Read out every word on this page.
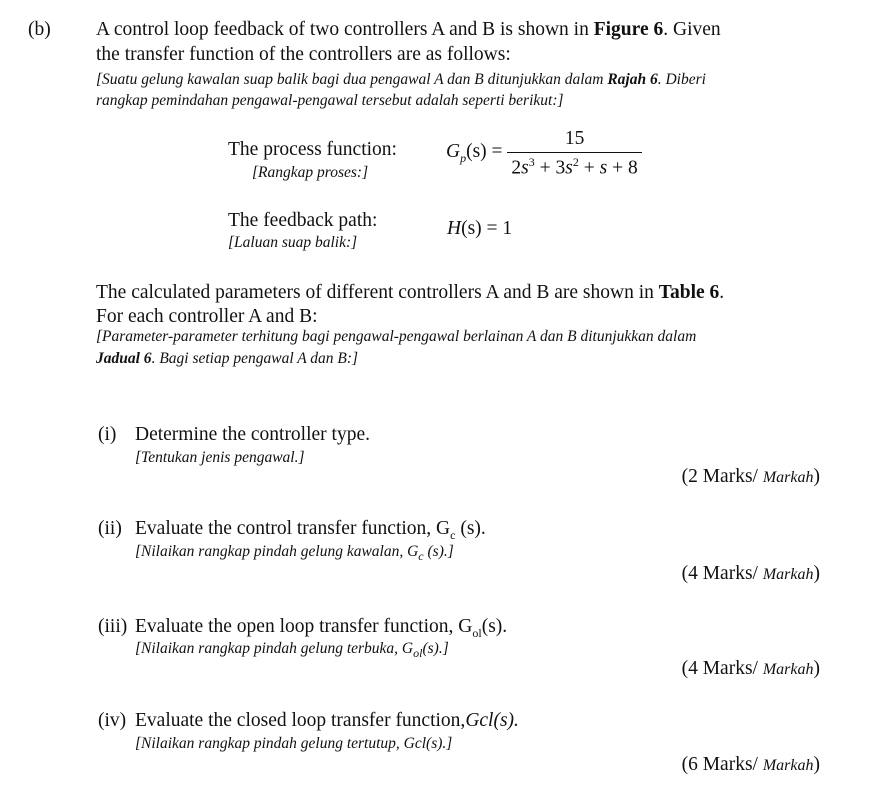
(b) A control loop feedback of two controllers A and B is shown in Figure 6. Given
the transfer function of the controllers are as follows:
[Suatu gelung kawalan suap balik bagi dua pengawal A dan B ditunjukkan dalam Rajah 6. Diberi
rangkap pemindahan pengawal-pengawal tersebut adalah seperti berikut:]
The process function:
[Rangkap proses:]
$G_p(s) = \frac{15}{2s^3 + 3s^2 + s + 8}$
The feedback path:
[Laluan suap balik:]
H(s) = 1
The calculated parameters of different controllers A and B are shown in Table 6.
For each controller A and B:
[Parameter-parameter terhitung bagi pengawal-pengawal berlainan A dan B ditunjukkan dalam
Jadual 6. Bagi setiap pengawal A dan B:]
(i) Determine the controller type.
[Tentukan jenis pengawal.]
(2 Marks/ Markah)
(ii) Evaluate the control transfer function, $G_c$ (s).
[Nilaikan rangkap pindah gelung kawalan, $G_c$ (s).]
(4 Marks/ Markah)
(iii) Evaluate the open loop transfer function, $G_{ol}(s)$.
[Nilaikan rangkap pindah gelung terbuka, $G_{ol}(s)$.]
(4 Marks/ Markah)
(iv) Evaluate the closed loop transfer function,Gcl(s).
[Nilaikan rangkap pindah gelung tertutup, Gcl(s).]
(6 Marks/ Markah)
